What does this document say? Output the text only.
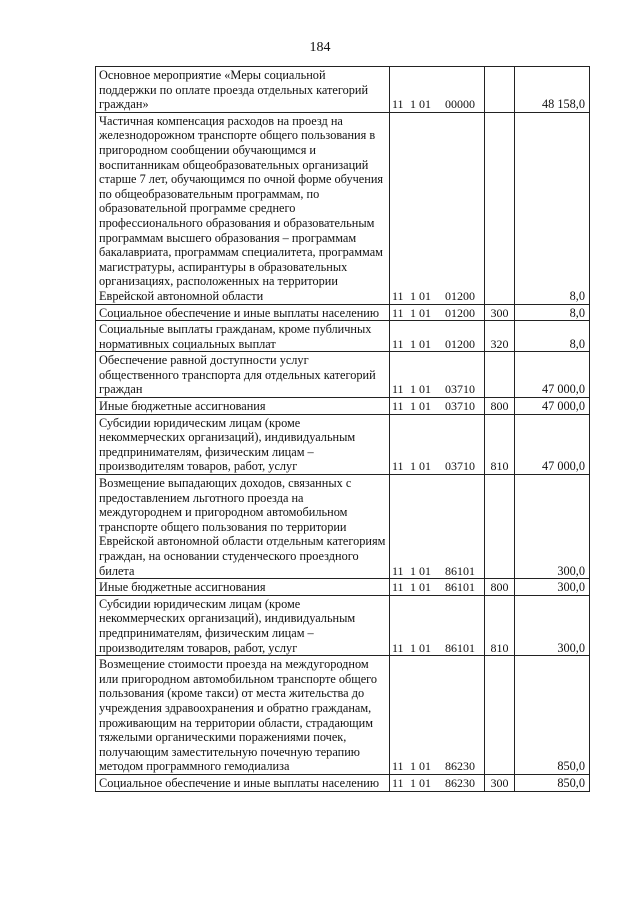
184
Основное мероприятие «Меры социальной поддержки по оплате проезда отдельных категорий граждан»	11 1 01 00000		48 158,0
Частичная компенсация расходов на проезд на железнодорожном транспорте общего пользования в пригородном сообщении обучающимся и воспитанникам общеобразовательных организаций старше 7 лет, обучающимся по очной форме обучения по общеобразовательным программам, по образовательной программе среднего профессионального образования и образовательным программам высшего образования – программам бакалавриата, программам специалитета, программам магистратуры, аспирантуры в образовательных организациях, расположенных на территории Еврейской автономной области	11 1 01 01200		8,0
Социальное обеспечение и иные выплаты населению	11 1 01 01200	300	8,0
Социальные выплаты гражданам, кроме публичных нормативных социальных выплат	11 1 01 01200	320	8,0
Обеспечение равной доступности услуг общественного транспорта для отдельных категорий граждан	11 1 01 03710		47 000,0
Иные бюджетные ассигнования	11 1 01 03710	800	47 000,0
Субсидии юридическим лицам (кроме некоммерческих организаций), индивидуальным предпринимателям, физическим лицам – производителям товаров, работ, услуг	11 1 01 03710	810	47 000,0
Возмещение выпадающих доходов, связанных с предоставлением льготного проезда на междугороднем и пригородном автомобильном транспорте общего пользования по территории Еврейской автономной области отдельным категориям граждан, на основании студенческого проездного билета	11 1 01 86101		300,0
Иные бюджетные ассигнования	11 1 01 86101	800	300,0
Субсидии юридическим лицам (кроме некоммерческих организаций), индивидуальным предпринимателям, физическим лицам – производителям товаров, работ, услуг	11 1 01 86101	810	300,0
Возмещение стоимости проезда на междугородном или пригородном автомобильном транспорте общего пользования (кроме такси) от места жительства до учреждения здравоохранения и обратно гражданам, проживающим на территории области, страдающим тяжелыми органическими поражениями почек, получающим заместительную почечную терапию методом программного гемодиализа	11 1 01 86230		850,0
Социальное обеспечение и иные выплаты населению	11 1 01 86230	300	850,0
